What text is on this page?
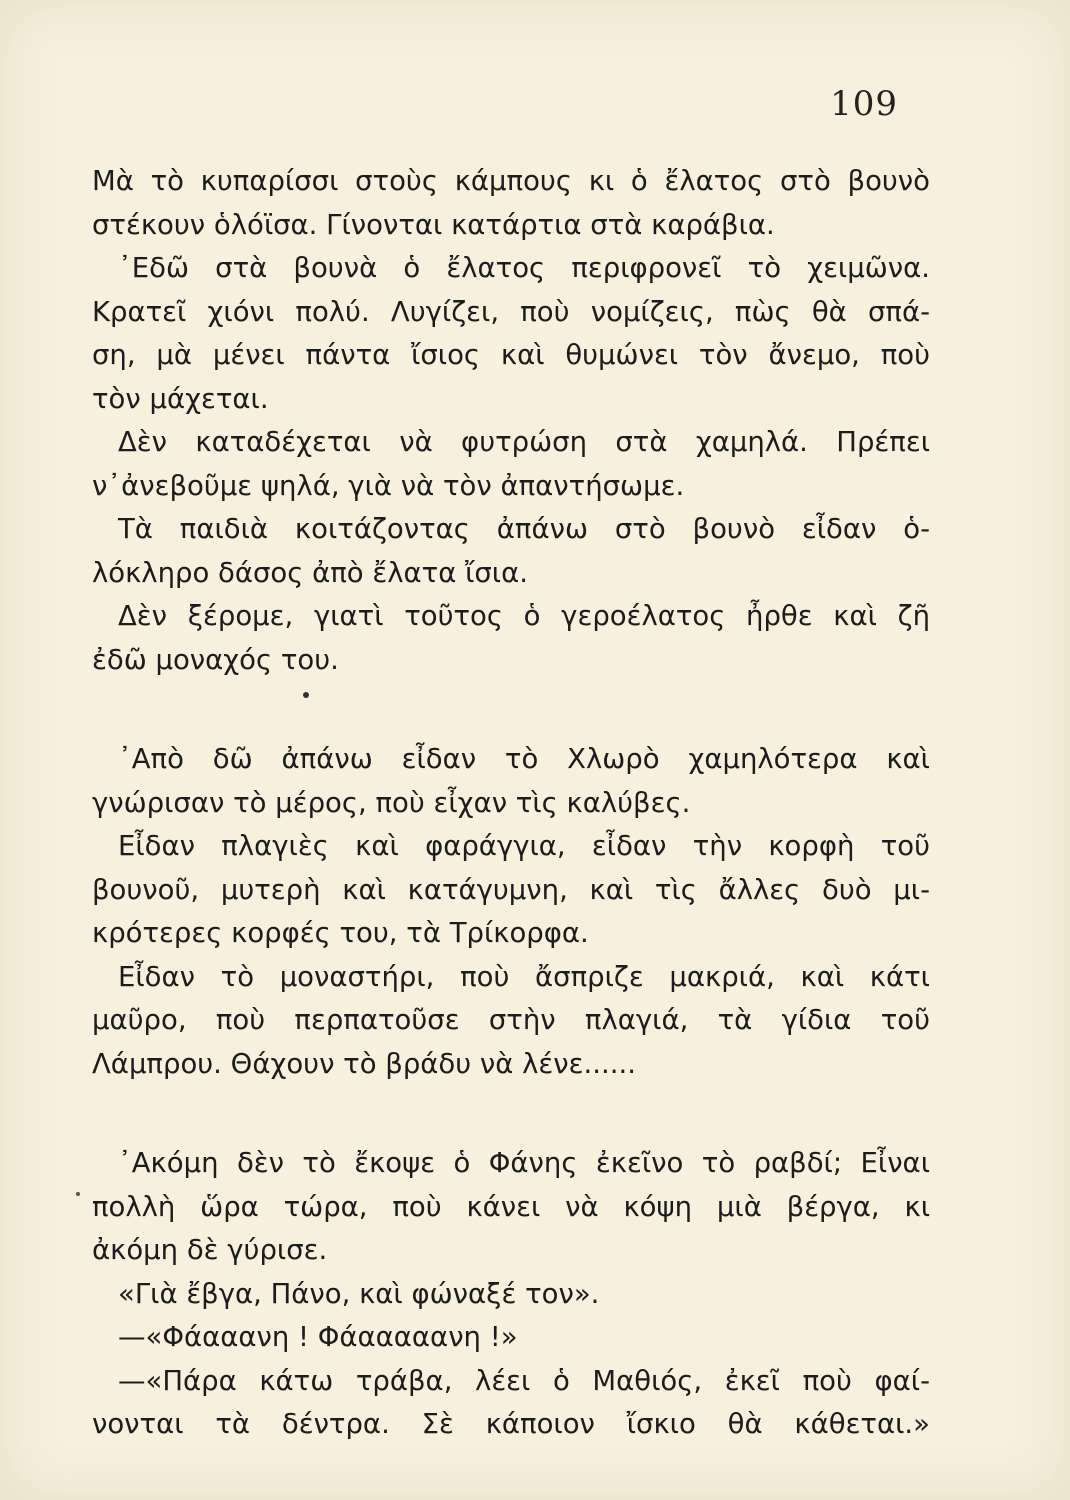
109
Μὰ τὸ κυπαρίσσι στοὺς κάμπους κι ὁ ἔλατος στὸ βουνὸ
στέκουν ὁλόϊσα. Γίνονται κατάρτια στὰ καράβια.
᾿Εδῶ στὰ βουνὰ ὁ ἔλατος περιφρονεῖ τὸ χειμῶνα.
Κρατεῖ χιόνι πολύ. Λυγίζει, ποὺ νομίζεις, πὼς θὰ σπά-
ση, μὰ μένει πάντα ἴσιος καὶ θυμώνει τὸν ἄνεμο, ποὺ
τὸν μάχεται.
Δὲν καταδέχεται νὰ φυτρώση στὰ χαμηλά. Πρέπει
ν᾿ἀνεβοῦμε ψηλά, γιὰ νὰ τὸν ἀπαντήσωμε.
Τὰ παιδιὰ κοιτάζοντας ἀπάνω στὸ βουνὸ εἶδαν ὁ-
λόκληρο δάσος ἀπὸ ἔλατα ἴσια.
Δὲν ξέρομε, γιατὶ τοῦτος ὁ γεροέλατος ἦρθε καὶ ζῆ
ἐδῶ μοναχός του.
᾿Απὸ δῶ ἀπάνω εἶδαν τὸ Χλωρὸ χαμηλότερα καὶ
γνώρισαν τὸ μέρος, ποὺ εἶχαν τὶς καλύβες.
Εἶδαν πλαγιὲς καὶ φαράγγια, εἶδαν τὴν κορφὴ τοῦ
βουνοῦ, μυτερὴ καὶ κατάγυμνη, καὶ τὶς ἄλλες δυὸ μι-
κρότερες κορφές του, τὰ Τρίκορφα.
Εἶδαν τὸ μοναστήρι, ποὺ ἄσπριζε μακριά, καὶ κάτι
μαῦρο, ποὺ περπατοῦσε στὴν πλαγιά, τὰ γίδια τοῦ
Λάμπρου. Θάχουν τὸ βράδυ νὰ λένε......
᾿Ακόμη δὲν τὸ ἔκοψε ὁ Φάνης ἐκεῖνο τὸ ραβδί; Εἶναι
πολλὴ ὥρα τώρα, ποὺ κάνει νὰ κόψη μιὰ βέργα, κι
ἀκόμη δὲ γύρισε.
«Γιὰ ἔβγα, Πάνο, καὶ φώναξέ τον».
—«Φάααανη ! Φάααααανη !»
—«Πάρα κάτω τράβα, λέει ὁ Μαθιός, ἐκεῖ ποὺ φαί-
νονται τὰ δέντρα. Σὲ κάποιον ἴσκιο θὰ κάθεται.»
